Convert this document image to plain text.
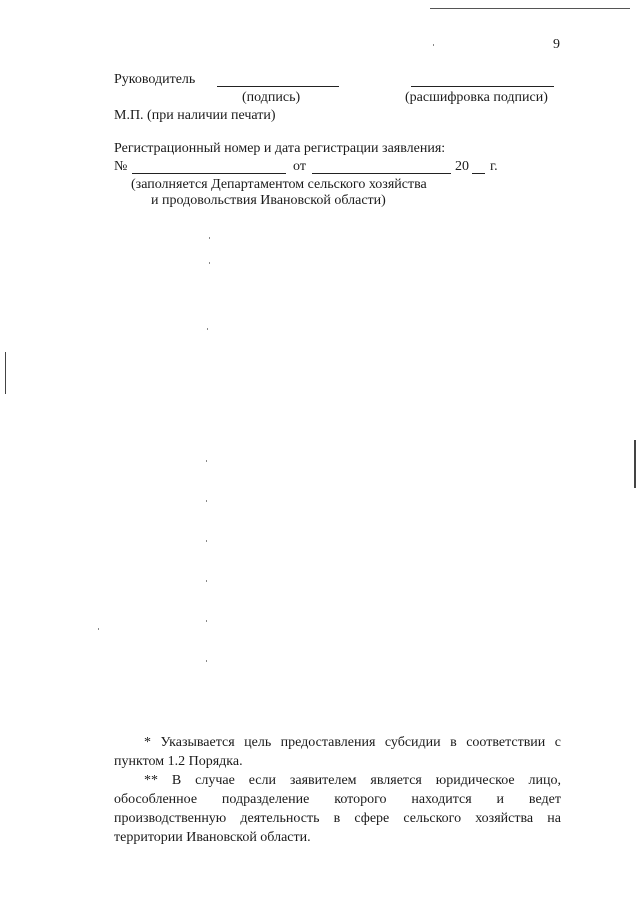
9
Руководитель
(подпись)	(расшифровка подписи)
М.П. (при наличии печати)
Регистрационный номер и дата регистрации заявления:
№	от	20 г.
(заполняется Департаментом сельского хозяйства
и продовольствия Ивановской области)
* Указывается цель предоставления субсидии в соответствии с
пунктом 1.2 Порядка.
** В случае если заявителем является юридическое лицо,
обособленное подразделение которого находится и ведет
производственную деятельность в сфере сельского хозяйства на
территории Ивановской области.
